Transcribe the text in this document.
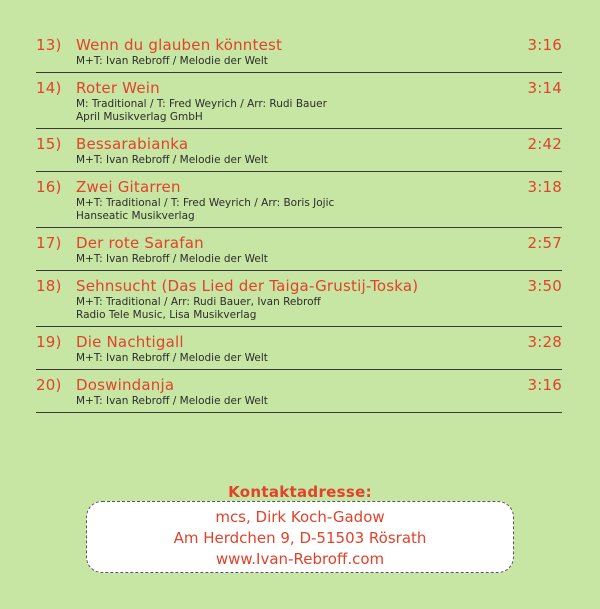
13) Wenn du glauben könntest	3:16
M+T: Ivan Rebroff / Melodie der Welt
14) Roter Wein	3:14
M: Traditional / T: Fred Weyrich / Arr: Rudi Bauer
April Musikverlag GmbH
15) Bessarabianka	2:42
M+T: Ivan Rebroff / Melodie der Welt
16) Zwei Gitarren	3:18
M+T: Traditional / T: Fred Weyrich / Arr: Boris Jojic
Hanseatic Musikverlag
17) Der rote Sarafan	2:57
M+T: Ivan Rebroff / Melodie der Welt
18) Sehnsucht (Das Lied der Taiga-Grustij-Toska)	3:50
M+T: Traditional / Arr: Rudi Bauer, Ivan Rebroff
Radio Tele Music, Lisa Musikverlag
19) Die Nachtigall	3:28
M+T: Ivan Rebroff / Melodie der Welt
20) Doswindanja	3:16
M+T: Ivan Rebroff / Melodie der Welt
Kontaktadresse:
mcs, Dirk Koch-Gadow
Am Herdchen 9, D-51503 Rösrath
www.Ivan-Rebroff.com
